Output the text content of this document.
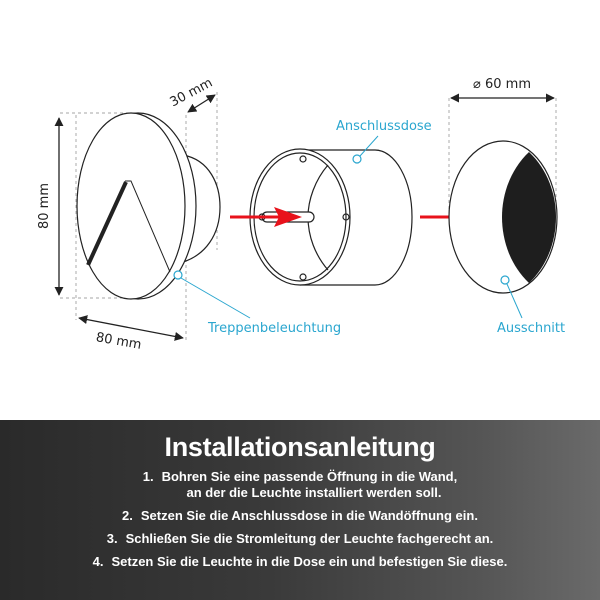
80 mm
80 mm
30 mm
Treppenbeleuchtung
Anschlussdose
⌀ 60 mm
Ausschnitt
Installationsanleitung
1. Bohren Sie eine passende Öffnung in die Wand,
an der die Leuchte installiert werden soll.
2. Setzen Sie die Anschlussdose in die Wandöffnung ein.
3. Schließen Sie die Stromleitung der Leuchte fachgerecht an.
4. Setzen Sie die Leuchte in die Dose ein und befestigen Sie diese.
